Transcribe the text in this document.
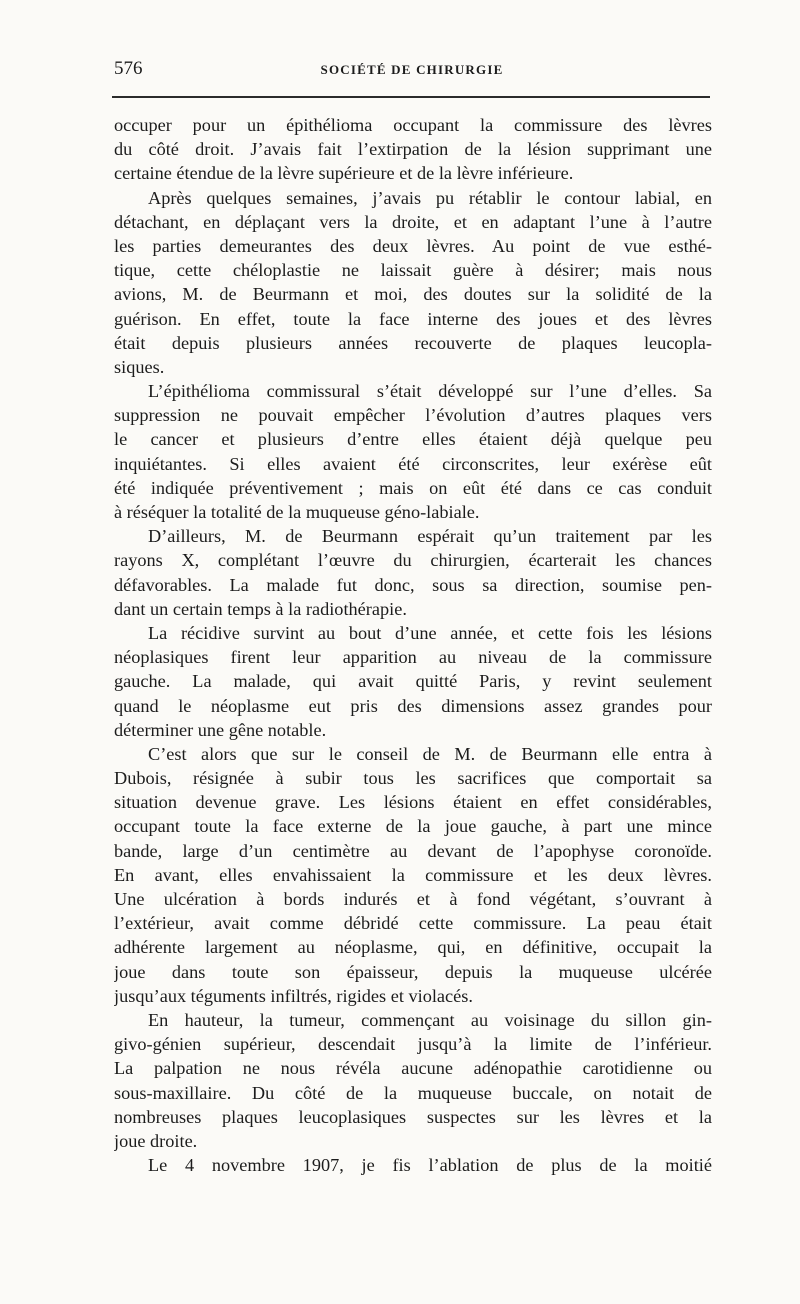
576	SOCIÉTÉ DE CHIRURGIE
occuper pour un épithélioma occupant la commissure des lèvres
du côté droit. J’avais fait l’extirpation de la lésion supprimant une
certaine étendue de la lèvre supérieure et de la lèvre inférieure.
Après quelques semaines, j’avais pu rétablir le contour labial, en
détachant, en déplaçant vers la droite, et en adaptant l’une à l’autre
les parties demeurantes des deux lèvres. Au point de vue esthé-
tique, cette chéloplastie ne laissait guère à désirer; mais nous
avions, M. de Beurmann et moi, des doutes sur la solidité de la
guérison. En effet, toute la face interne des joues et des lèvres
était depuis plusieurs années recouverte de plaques leucopla-
siques.
L’épithélioma commissural s’était développé sur l’une d’elles. Sa
suppression ne pouvait empêcher l’évolution d’autres plaques vers
le cancer et plusieurs d’entre elles étaient déjà quelque peu
inquiétantes. Si elles avaient été circonscrites, leur exérèse eût
été indiquée préventivement ; mais on eût été dans ce cas conduit
à réséquer la totalité de la muqueuse géno-labiale.
D’ailleurs, M. de Beurmann espérait qu’un traitement par les
rayons X, complétant l’œuvre du chirurgien, écarterait les chances
défavorables. La malade fut donc, sous sa direction, soumise pen-
dant un certain temps à la radiothérapie.
La récidive survint au bout d’une année, et cette fois les lésions
néoplasiques firent leur apparition au niveau de la commissure
gauche. La malade, qui avait quitté Paris, y revint seulement
quand le néoplasme eut pris des dimensions assez grandes pour
déterminer une gêne notable.
C’est alors que sur le conseil de M. de Beurmann elle entra à
Dubois, résignée à subir tous les sacrifices que comportait sa
situation devenue grave. Les lésions étaient en effet considérables,
occupant toute la face externe de la joue gauche, à part une mince
bande, large d’un centimètre au devant de l’apophyse coronoïde.
En avant, elles envahissaient la commissure et les deux lèvres.
Une ulcération à bords indurés et à fond végétant, s’ouvrant à
l’extérieur, avait comme débridé cette commissure. La peau était
adhérente largement au néoplasme, qui, en définitive, occupait la
joue dans toute son épaisseur, depuis la muqueuse ulcérée
jusqu’aux téguments infiltrés, rigides et violacés.
En hauteur, la tumeur, commençant au voisinage du sillon gin-
givo-génien supérieur, descendait jusqu’à la limite de l’inférieur.
La palpation ne nous révéla aucune adénopathie carotidienne ou
sous-maxillaire. Du côté de la muqueuse buccale, on notait de
nombreuses plaques leucoplasiques suspectes sur les lèvres et la
joue droite.
Le 4 novembre 1907, je fis l’ablation de plus de la moitié
